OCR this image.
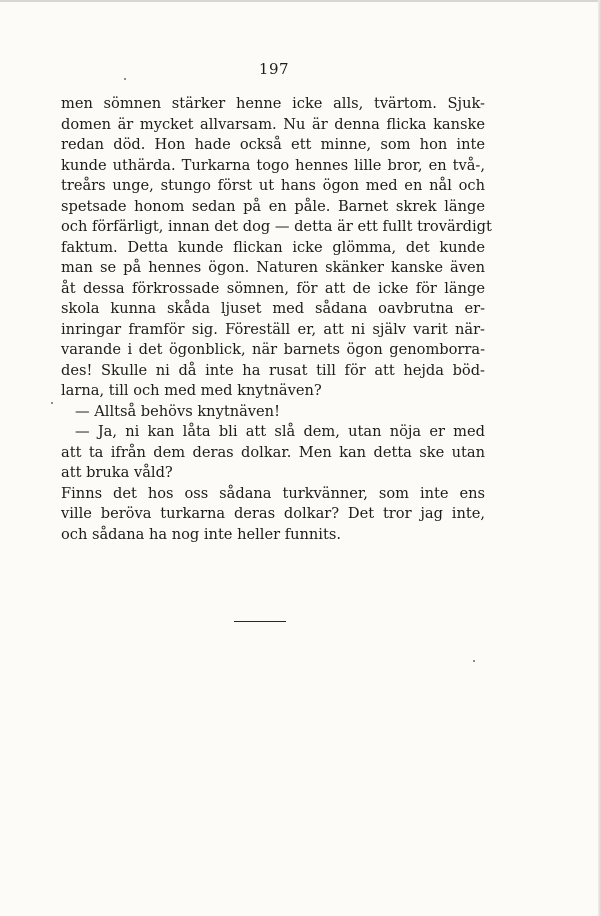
197
men sömnen stärker henne icke alls, tvärtom. Sjuk-
domen är mycket allvarsam. Nu är denna flicka kanske
redan död. Hon hade också ett minne, som hon inte
kunde uthärda. Turkarna togo hennes lille bror, en två-,
treårs unge, stungo först ut hans ögon med en nål och
spetsade honom sedan på en påle. Barnet skrek länge
och förfärligt, innan det dog — detta är ett fullt trovärdigt
faktum. Detta kunde flickan icke glömma, det kunde
man se på hennes ögon. Naturen skänker kanske även
åt dessa förkrossade sömnen, för att de icke för länge
skola kunna skåda ljuset med sådana oavbrutna er-
inringar framför sig. Föreställ er, att ni själv varit när-
varande i det ögonblick, när barnets ögon genomborra-
des! Skulle ni då inte ha rusat till för att hejda böd-
larna, till och med med knytnäven?
— Alltså behövs knytnäven!
— Ja, ni kan låta bli att slå dem, utan nöja er med
att ta ifrån dem deras dolkar. Men kan detta ske utan
att bruka våld?
Finns det hos oss sådana turkvänner, som inte ens
ville beröva turkarna deras dolkar? Det tror jag inte,
och sådana ha nog inte heller funnits.
